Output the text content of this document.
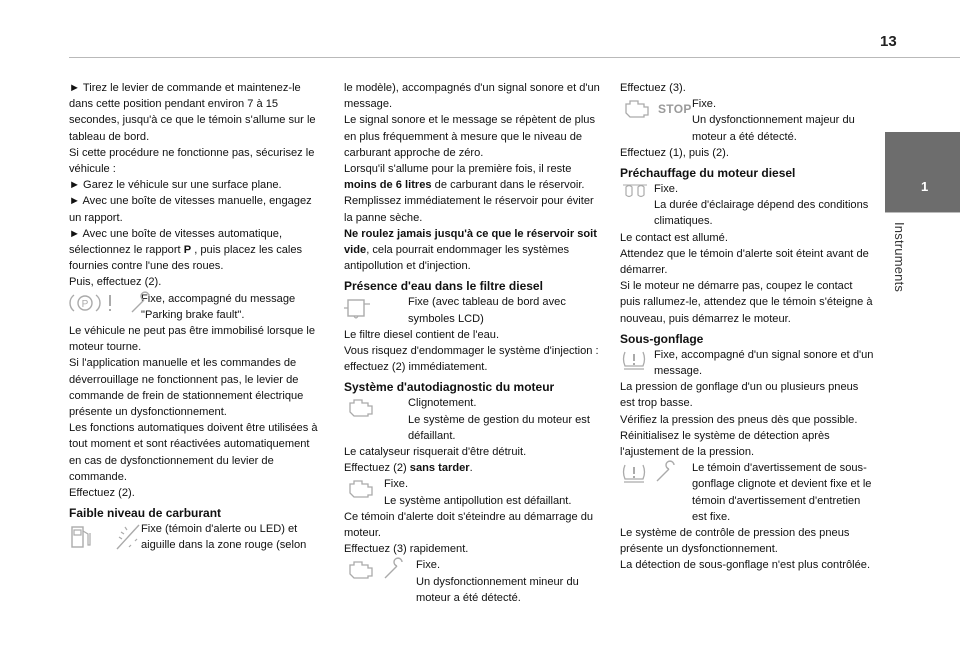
13
1
Instruments

► Tirez le levier de commande et maintenez-le dans cette position pendant environ 7 à 15 secondes, jusqu'à ce que le témoin s'allume sur le tableau de bord.

Si cette procédure ne fonctionne pas, sécurisez le véhicule :

► Garez le véhicule sur une surface plane.

► Avec une boîte de vitesses manuelle, engagez un rapport.

► Avec une boîte de vitesses automatique, sélectionnez le rapport P , puis placez les cales fournies contre l'une des roues.

Puis, effectuez (2).

P	Fixe, accompagné du message "Parking brake fault".

Le véhicule ne peut pas être immobilisé lorsque le moteur tourne.

Si l'application manuelle et les commandes de déverrouillage ne fonctionnent pas, le levier de commande de frein de stationnement électrique présente un dysfonctionnement.

Les fonctions automatiques doivent être utilisées à tout moment et sont réactivées automatiquement en cas de dysfonctionnement du levier de commande.

Effectuez (2).

Faible niveau de carburant

Fixe (témoin d'alerte ou LED) et aiguille dans la zone rouge (selon

le modèle), accompagnés d'un signal sonore et d'un message.

Le signal sonore et le message se répètent de plus en plus fréquemment à mesure que le niveau de carburant approche de zéro.

Lorsqu'il s'allume pour la première fois, il reste moins de 6 litres de carburant dans le réservoir. Remplissez immédiatement le réservoir pour éviter la panne sèche.

Ne roulez jamais jusqu'à ce que le réservoir soit vide, cela pourrait endommager les systèmes antipollution et d'injection.

Présence d'eau dans le filtre diesel

Fixe (avec tableau de bord avec symboles LCD)

Le filtre diesel contient de l'eau.

Vous risquez d'endommager le système d'injection : effectuez (2) immédiatement.

Système d'autodiagnostic du moteur

Clignotement.
Le système de gestion du moteur est défaillant.

Le catalyseur risquerait d'être détruit.

Effectuez (2) sans tarder.

Fixe.
Le système antipollution est défaillant.

Ce témoin d'alerte doit s'éteindre au démarrage du moteur.

Effectuez (3) rapidement.

Fixe.
Un dysfonctionnement mineur du moteur a été détecté.

Effectuez (3).

STOP Fixe.
Un dysfonctionnement majeur du moteur a été détecté.

Effectuez (1), puis (2).

Préchauffage du moteur diesel

Fixe.
La durée d'éclairage dépend des conditions climatiques.

Le contact est allumé.

Attendez que le témoin d'alerte soit éteint avant de démarrer.

Si le moteur ne démarre pas, coupez le contact puis rallumez-le, attendez que le témoin s'éteigne à nouveau, puis démarrez le moteur.

Sous-gonflage

Fixe, accompagné d'un signal sonore et d'un message.

La pression de gonflage d'un ou plusieurs pneus est trop basse.

Vérifiez la pression des pneus dès que possible.

Réinitialisez le système de détection après l'ajustement de la pression.

Le témoin d'avertissement de sous-gonflage clignote et devient fixe et le témoin d'avertissement d'entretien est fixe.

Le système de contrôle de pression des pneus présente un dysfonctionnement.

La détection de sous-gonflage n'est plus contrôlée.
